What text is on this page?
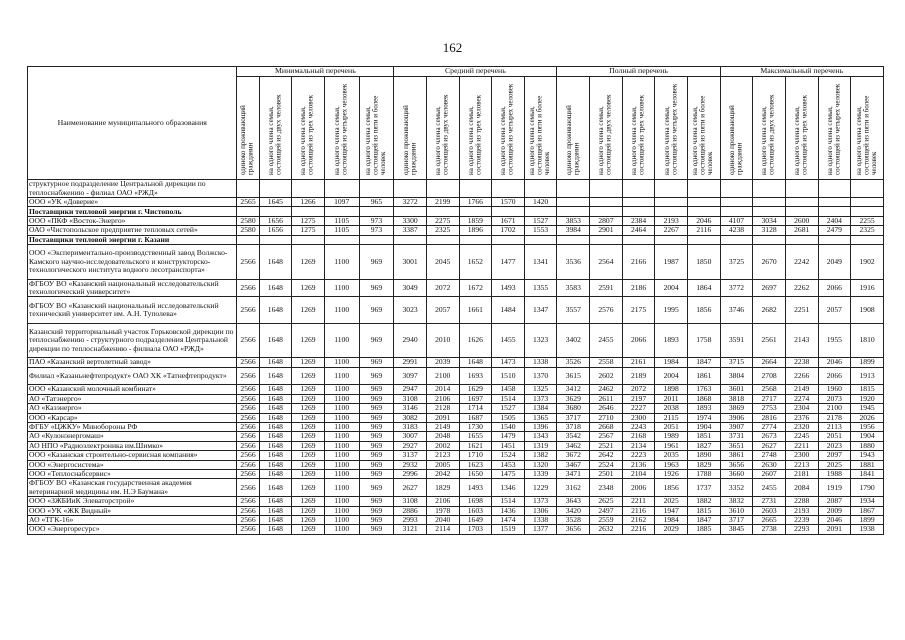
162
Наименование муниципального образования	Минимальный перечень					Средний перечень					Полный перечень					Максимальный перечень				
	одиноко проживающий гражданин	на одного члена семьи, состоящей из двух человек	на одного члена семьи, состоящей из трех человек	на одного члена семьи, состоящей из четырех человек	на одного члена семьи, состоящей из пяти и более человек	одиноко проживающий гражданин	на одного члена семьи, состоящей из двух человек	на одного члена семьи, состоящей из трех человек	на одного члена семьи, состоящей из четырех человек	на одного члена семьи, состоящей из пяти и более человек	одиноко проживающий гражданин	на одного члена семьи, состоящей из двух человек	на одного члена семьи, состоящей из трех человек	на одного члена семьи, состоящей из четырех человек	на одного члена семьи, состоящей из пяти и более человек	одиноко проживающий гражданин	на одного члена семьи, состоящей из двух человек	на одного члена семьи, состоящей из трех человек	на одного члена семьи, состоящей из четырех человек	на одного члена семьи, состоящей из пяти и более человек
структурное подразделение Центральной дирекции по теплоснабжению - филиал ОАО «РЖД»																				
ООО «УК «Доверие»	2565	1645	1266	1097	965	3272	2199	1766	1570	1420										
Поставщики тепловой энергии г. Чистополь																				
ООО «ПКФ «Восток-Энерго»	2580	1656	1275	1105	973	3300	2275	1859	1671	1527	3853	2807	2384	2193	2046	4107	3034	2600	2404	2255
ОАО «Чистопольское предприятие тепловых сетей»	2580	1656	1275	1105	973	3387	2325	1896	1702	1553	3984	2901	2464	2267	2116	4238	3128	2681	2479	2325
Поставщики тепловой энергии г. Казани																				
ООО «Экспериментально-производственный завод Волжско-Камского научно-исследовательского и конструкторско-технологического института водного лесотранспорта»	2566	1648	1269	1100	969	3001	2045	1652	1477	1341	3536	2564	2166	1987	1850	3725	2670	2242	2049	1902
ФГБОУ ВО «Казанский национальный исследовательский технологический университет»	2566	1648	1269	1100	969	3049	2072	1672	1493	1355	3583	2591	2186	2004	1864	3772	2697	2262	2066	1916
ФГБОУ ВО «Казанский национальный исследовательский технический университет им. А.Н. Туполева»	2566	1648	1269	1100	969	3023	2057	1661	1484	1347	3557	2576	2175	1995	1856	3746	2682	2251	2057	1908
Казанский территориальный участок Горьковской дирекции по теплоснабжению - структурного подразделения Центральной дирекции по теплоснабжению - филиала ОАО «РЖД»	2566	1648	1269	1100	969	2940	2010	1626	1455	1323	3402	2455	2066	1893	1758	3591	2561	2143	1955	1810
ПАО «Казанский вертолетный завод»	2566	1648	1269	1100	969	2991	2039	1648	1473	1338	3526	2558	2161	1984	1847	3715	2664	2238	2046	1899
Филиал «Казаньнефтепродукт» ОАО ХК «Татнефтепродукт»	2566	1648	1269	1100	969	3097	2100	1693	1510	1370	3615	2602	2189	2004	1861	3804	2708	2266	2066	1913
ООО «Казанский молочный комбинат»	2566	1648	1269	1100	969	2947	2014	1629	1458	1325	3412	2462	2072	1898	1763	3601	2568	2149	1960	1815
АО «Татэнерго»	2566	1648	1269	1100	969	3108	2106	1697	1514	1373	3629	2611	2197	2011	1868	3818	2717	2274	2073	1920
АО «Казэнерго»	2566	1648	1269	1100	969	3146	2128	1714	1527	1384	3680	2646	2227	2038	1893	3869	2753	2304	2100	1945
ООО «Карсар»	2566	1648	1269	1100	969	3082	2091	1687	1505	1365	3717	2710	2300	2115	1974	3906	2816	2376	2178	2026
ФГБУ «ЦЖКУ» Минобороны РФ	2566	1648	1269	1100	969	3183	2149	1730	1540	1396	3718	2668	2243	2051	1904	3907	2774	2320	2113	1956
АО «Кулонэнергомаш»	2566	1648	1269	1100	969	3007	2048	1655	1479	1343	3542	2567	2168	1989	1851	3731	2673	2245	2051	1904
АО НПО «Радиоэлектроника им.Шимко»	2566	1648	1269	1100	969	2927	2002	1621	1451	1319	3462	2521	2134	1961	1827	3651	2627	2211	2023	1880
ООО «Казанская строительно-сервисная компания»	2566	1648	1269	1100	969	3137	2123	1710	1524	1382	3672	2642	2223	2035	1890	3861	2748	2300	2097	1943
ООО «Энергосистема»	2566	1648	1269	1100	969	2932	2005	1623	1453	1320	3467	2524	2136	1963	1829	3656	2630	2213	2025	1881
ООО «Теплоснабсервис»	2566	1648	1269	1100	969	2996	2042	1650	1475	1339	3471	2501	2104	1926	1788	3660	2607	2181	1988	1841
ФГБОУ ВО «Казанская государственная академия ветеринарной медицины им. Н.Э Баумана»	2566	1648	1269	1100	969	2627	1829	1493	1346	1229	3162	2348	2006	1856	1737	3352	2455	2084	1919	1790
ООО «ЗЖБИиК Элеваторстрой»	2566	1648	1269	1100	969	3108	2106	1698	1514	1373	3643	2625	2211	2025	1882	3832	2731	2288	2087	1934
ООО «УК «ЖК Видный»	2566	1648	1269	1100	969	2886	1978	1603	1436	1306	3420	2497	2116	1947	1815	3610	2603	2193	2009	1867
АО «ТГК-16»	2566	1648	1269	1100	969	2993	2040	1649	1474	1338	3528	2559	2162	1984	1847	3717	2665	2239	2046	1899
ООО «Энергоресурс»	2566	1648	1269	1100	969	3121	2114	1703	1519	1377	3656	2632	2216	2029	1885	3845	2738	2293	2091	1938
